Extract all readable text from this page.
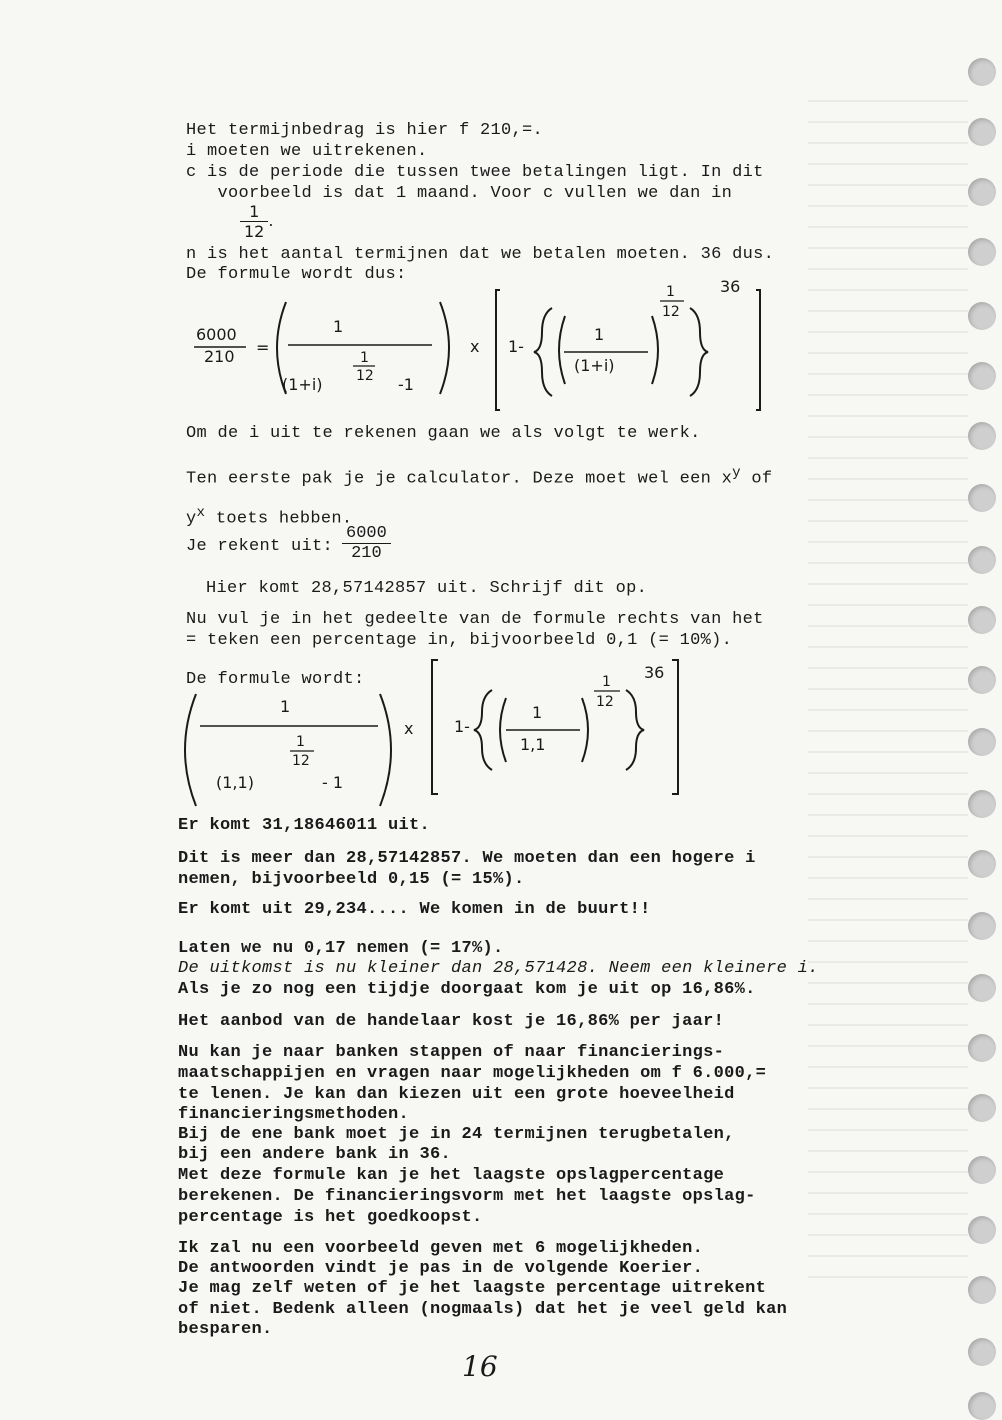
Het termijnbedrag is hier f 210,=.

i moeten we uitrekenen.

c is de periode die tussen twee betalingen ligt. In dit

voorbeeld is dat 1 maand. Voor c vullen we dan in

$\frac{1}{12}$ .

n is het aantal termijnen dat we betalen moeten. 36 dus.

De formule wordt dus:

6000
210 =
1
1
12
(1+i)	-1
x 1-
1
(1+i)
1
12
36

Om de i uit te rekenen gaan we als volgt te werk.

Ten eerste pak je je calculator. Deze moet wel een $x^y$ of

$y^x$ toets hebben.

Je rekent uit: $\frac{6000}{210}$

Hier komt 28,57142857 uit. Schrijf dit op.

Nu vul je in het gedeelte van de formule rechts van het

= teken een percentage in, bijvoorbeeld 0,1 (= 10%).

De formule wordt:

1
1
12
(1,1)	- 1
x	1-
1
1,1
1
12
36

Er komt 31,18646011 uit.

Dit is meer dan 28,57142857. We moeten dan een hogere i

nemen, bijvoorbeeld 0,15 (= 15%).

Er komt uit 29,234.... We komen in de buurt!!

Laten we nu 0,17 nemen (= 17%).

De uitkomst is nu kleiner dan 28,571428. Neem een kleinere i.

Als je zo nog een tijdje doorgaat kom je uit op 16,86%.

Het aanbod van de handelaar kost je 16,86% per jaar!

Nu kan je naar banken stappen of naar financierings-

maatschappijen en vragen naar mogelijkheden om f 6.000,=

te lenen. Je kan dan kiezen uit een grote hoeveelheid

financieringsmethoden.

Bij de ene bank moet je in 24 termijnen terugbetalen,

bij een andere bank in 36.

Met deze formule kan je het laagste opslagpercentage

berekenen. De financieringsvorm met het laagste opslag-

percentage is het goedkoopst.

Ik zal nu een voorbeeld geven met 6 mogelijkheden.

De antwoorden vindt je pas in de volgende Koerier.

Je mag zelf weten of je het laagste percentage uitrekent

of niet. Bedenk alleen (nogmaals) dat het je veel geld kan

besparen.

16
